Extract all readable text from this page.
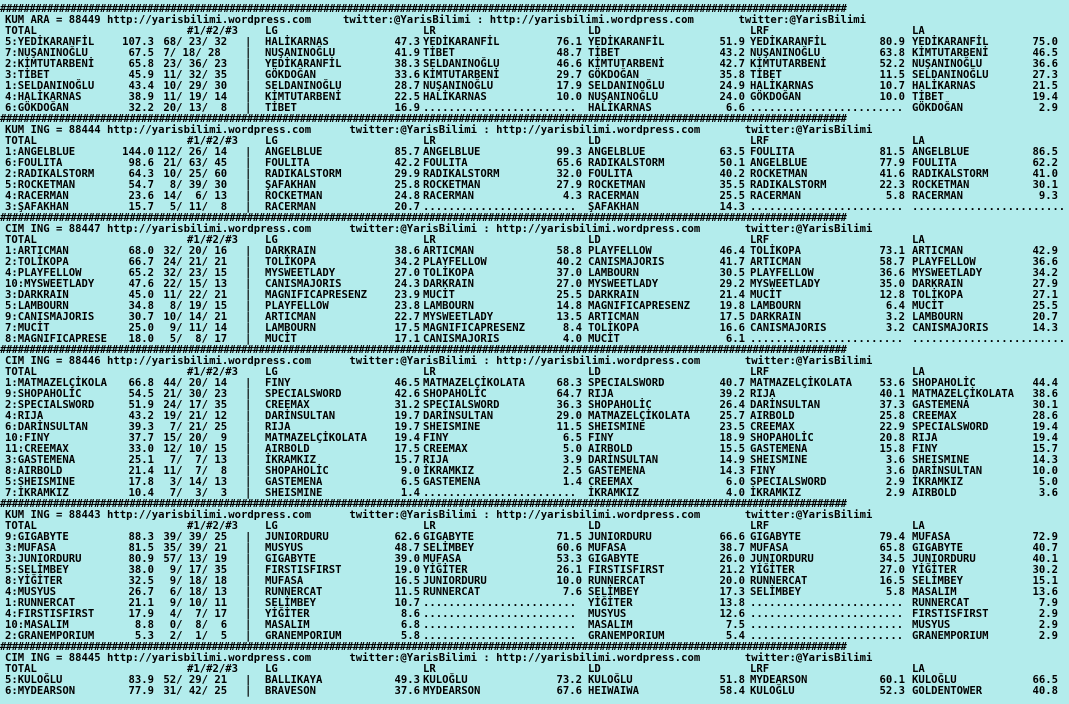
################################################################################################################################################
KUM ARA = 88449 http://yarisbilimi.wordpress.com     twitter:@YarisBilimi : http://yarisbilimi.wordpress.com       twitter:@YarisBilimi
TOTAL	#1/#2/#3	LG	LR	LD	LRF	LA
5:YEDİKARANFİL	107.3 68/ 23/ 32 | HALİKARNAS	47.3 YEDİKARANFİL	76.1 YEDİKARANFİL	51.9 YEDİKARANFİL	80.9 YEDİKARANFİL	75.0
7:NUŞANINOĞLU	67.5 7/ 18/ 28 | NUŞANINOĞLU	41.9 TİBET	48.7 TİBET	43.2 NUŞANINOĞLU	63.8 KİMTUTARBENİ	46.5
2:KİMTUTARBENİ	65.8 23/ 36/ 23 | YEDİKARANFİL	38.3 SELDANINOĞLU	46.6 KİMTUTARBENİ	42.7 KİMTUTARBENİ	52.2 NUŞANINOĞLU	36.6
3:TİBET	45.9 11/ 32/ 35 | GÖKDOĞAN	33.6 KİMTUTARBENİ	29.7 GÖKDOĞAN	35.8 TİBET	11.5 SELDANINOĞLU	27.3
1:SELDANINOĞLU	43.4 10/ 29/ 30 | SELDANINOĞLU	28.7 NUŞANINOĞLU	17.9 SELDANINOĞLU	24.9 HALİKARNAS	10.7 HALİKARNAS	21.5
4:HALİKARNAS	38.9 11/ 19/ 14 | KİMTUTARBENİ	22.5 HALİKARNAS	10.0 NUŞANINOĞLU	24.0 GÖKDOĞAN	10.0 TİBET	19.4
6:GÖKDOĞAN	32.2 20/ 13/  8 | TİBET	16.9 ........................ HALİKARNAS	6.6 ........................ GÖKDOĞAN	2.9
################################################################################################################################################
KUM ING = 88444 http://yarisbilimi.wordpress.com      twitter:@YarisBilimi : http://yarisbilimi.wordpress.com       twitter:@YarisBilimi
TOTAL	#1/#2/#3	LG	LR	LD	LRF	LA
1:ANGELBLUE	144.0 112/ 26/ 14 | ANGELBLUE	85.7 ANGELBLUE	99.3 ANGELBLUE	63.5 FOULITA	81.5 ANGELBLUE	86.5
6:FOULITA	98.6 21/ 63/ 45 | FOULITA	42.2 FOULITA	65.6 RADIKALSTORM	50.1 ANGELBLUE	77.9 FOULITA	62.2
2:RADIKALSTORM	64.3 10/ 25/ 60 | RADIKALSTORM	29.9 RADIKALSTORM	32.0 FOULITA	40.2 ROCKETMAN	41.6 RADIKALSTORM	41.0
5:ROCKETMAN	54.7 8/ 39/ 30 | ŞAFAKHAN	25.8 ROCKETMAN	27.9 ROCKETMAN	35.5 RADIKALSTORM	22.3 ROCKETMAN	30.1
4:RACERMAN	23.6 14/  6/ 13 | ROCKETMAN	24.8 RACERMAN	4.3 RACERMAN	25.5 RACERMAN	5.8 RACERMAN	9.3
3:ŞAFAKHAN	15.7 5/ 11/  8 | RACERMAN	20.7 ........................ ŞAFAKHAN	14.3 ........................ ........................
################################################################################################################################################
CIM ING = 88447 http://yarisbilimi.wordpress.com      twitter:@YarisBilimi : http://yarisbilimi.wordpress.com       twitter:@YarisBilimi
TOTAL	#1/#2/#3	LG	LR	LD	LRF	LA
1:ARTICMAN	68.0 32/ 20/ 16 | DARKRAIN	38.6 ARTICMAN	58.8 PLAYFELLOW	46.4 TOLİKOPA	73.1 ARTICMAN	42.9
2:TOLİKOPA	66.7 24/ 21/ 21 | TOLİKOPA	34.2 PLAYFELLOW	40.2 CANISMAJORIS	41.7 ARTICMAN	58.7 PLAYFELLOW	36.6
4:PLAYFELLOW	65.2 32/ 23/ 15 | MYSWEETLADY	27.0 TOLİKOPA	37.0 LAMBOURN	30.5 PLAYFELLOW	36.6 MYSWEETLADY	34.2
10:MYSWEETLADY	47.6 22/ 15/ 13 | CANISMAJORIS	24.3 DARKRAIN	27.0 MYSWEETLADY	29.2 MYSWEETLADY	35.0 DARKRAIN	27.9
3:DARKRAIN	45.0 11/ 22/ 21 | MAGNIFICAPRESENZ	23.9 MUCİT	25.5 DARKRAIN	21.4 MUCİT	12.8 TOLİKOPA	27.1
5:LAMBOURN	34.8 8/ 19/ 15 | PLAYFELLOW	23.8 LAMBOURN	14.8 MAGNIFICAPRESENZ	19.8 LAMBOURN	6.4 MUCİT	25.5
9:CANISMAJORIS	30.7 10/ 14/ 21 | ARTICMAN	22.7 MYSWEETLADY	13.5 ARTICMAN	17.5 DARKRAIN	3.2 LAMBOURN	20.7
7:MUCİT	25.0 9/ 11/ 14 | LAMBOURN	17.5 MAGNIFICAPRESENZ	8.4 TOLİKOPA	16.6 CANISMAJORIS	3.2 CANISMAJORIS	14.3
8:MAGNIFICAPRESE	18.0 5/  8/ 17 | MUCİT	17.1 CANISMAJORIS	4.0 MUCİT	6.1 ........................ ........................
################################################################################################################################################
CIM ING = 88446 http://yarisbilimi.wordpress.com      twitter:@YarisBilimi : http://yarisbilimi.wordpress.com       twitter:@YarisBilimi
TOTAL	#1/#2/#3	LG	LR	LD	LRF	LA
1:MATMAZELÇİKOLA	66.8 44/ 20/ 14 | FINY	46.5 MATMAZELÇİKOLATA	68.3 SPECIALSWORD	40.7 MATMAZELÇİKOLATA	53.6 SHOPAHOLİC	44.4
9:SHOPAHOLİC	54.5 21/ 30/ 23 | SPECIALSWORD	42.6 SHOPAHOLİC	64.7 RIJA	39.2 RIJA	40.1 MATMAZELÇİKOLATA	38.6
2:SPECIALSWORD	51.9 24/ 17/ 35 | CREEMAX	31.2 SPECIALSWORD	36.3 SHOPAHOLİC	26.4 DARİNSULTAN	37.3 GASTEMENA	30.1
4:RIJA	43.2 19/ 21/ 12 | DARİNSULTAN	19.7 DARİNSULTAN	29.0 MATMAZELÇİKOLATA	25.7 AIRBOLD	25.8 CREEMAX	28.6
6:DARİNSULTAN	39.3 7/ 21/ 25 | RIJA	19.7 SHEISMINE	11.5 SHEISMINE	23.5 CREEMAX	22.9 SPECIALSWORD	19.4
10:FINY	37.7 15/ 20/  9 | MATMAZELÇİKOLATA	19.4 FINY	6.5 FINY	18.9 SHOPAHOLİC	20.8 RIJA	19.4
11:CREEMAX	33.0 12/ 10/ 15 | AIRBOLD	17.5 CREEMAX	5.0 AIRBOLD	15.5 GASTEMENA	15.8 FINY	15.7
3:GASTEMENA	25.1 7/  7/ 13 | İKRAMKIZ	15.7 RIJA	3.9 DARİNSULTAN	14.9 SHEISMINE	3.6 SHEISMINE	14.3
8:AIRBOLD	21.4 11/  7/  8 | SHOPAHOLİC	9.0 İKRAMKIZ	2.5 GASTEMENA	14.3 FINY	3.6 DARİNSULTAN	10.0
5:SHEISMINE	17.8 3/ 14/ 13 | GASTEMENA	6.5 GASTEMENA	1.4 CREEMAX	6.0 SPECIALSWORD	2.9 İKRAMKIZ	5.0
7:İKRAMKIZ	10.4 7/  3/  3 | SHEISMINE	1.4 ........................ İKRAMKIZ	4.0 İKRAMKIZ	2.9 AIRBOLD	3.6
################################################################################################################################################
KUM ING = 88443 http://yarisbilimi.wordpress.com      twitter:@YarisBilimi : http://yarisbilimi.wordpress.com       twitter:@YarisBilimi
TOTAL	#1/#2/#3	LG	LR	LD	LRF	LA
9:GIGABYTE	88.3 39/ 39/ 25 | JUNIORDURU	62.6 GIGABYTE	71.5 JUNIORDURU	66.6 GIGABYTE	79.4 MUFASA	72.9
3:MUFASA	81.5 35/ 39/ 21 | MUSYUS	48.7 SELİMBEY	60.6 MUFASA	38.7 MUFASA	65.8 GIGABYTE	40.7
3:JUNIORDURU	80.9 57/ 13/ 19 | GIGABYTE	39.0 MUFASA	53.3 GIGABYTE	26.0 JUNIORDURU	34.5 JUNIORDURU	40.1
5:SELİMBEY	38.0 9/ 17/ 35 | FIRSTISFIRST	19.0 YİĞİTER	26.1 FIRSTISFIRST	21.2 YİĞİTER	27.0 YİĞİTER	30.2
8:YİĞİTER	32.5 9/ 18/ 18 | MUFASA	16.5 JUNIORDURU	10.0 RUNNERCAT	20.0 RUNNERCAT	16.5 SELİMBEY	15.1
4:MUSYUS	26.7 6/ 18/ 13 | RUNNERCAT	11.5 RUNNERCAT	7.6 SELİMBEY	17.3 SELİMBEY	5.8 MASALIM	13.6
1:RUNNERCAT	21.1 9/ 10/ 11 | SELİMBEY	10.7 ........................ YİĞİTER	13.8 ........................ RUNNERCAT	7.9
4:FIRSTISFIRST	17.9 4/  7/ 17 | YİĞİTER	8.6 ........................ MUSYUS	12.6 ........................ FIRSTISFIRST	2.9
10:MASALIM	8.8 0/  8/  6 | MASALIM	6.8 ........................ MASALIM	7.5 ........................ MUSYUS	2.9
2:GRANEMPORIUM	5.3 2/  1/  5 | GRANEMPORIUM	5.8 ........................ GRANEMPORIUM	5.4 ........................ GRANEMPORIUM	2.9
################################################################################################################################################
CIM ING = 88445 http://yarisbilimi.wordpress.com      twitter:@YarisBilimi : http://yarisbilimi.wordpress.com       twitter:@YarisBilimi
TOTAL	#1/#2/#3	LG	LR	LD	LRF	LA
5:KULOĞLU	83.9 52/ 29/ 21 | BALLIKAYA	49.3 KULOĞLU	73.2 KULOĞLU	51.8 MYDEARSON	60.1 KULOĞLU	66.5
6:MYDEARSON	77.9 31/ 42/ 25 | BRAVESON	37.6 MYDEARSON	67.6 HEIWAIWA	58.4 KULOĞLU	52.3 GOLDENTOWER	40.8
